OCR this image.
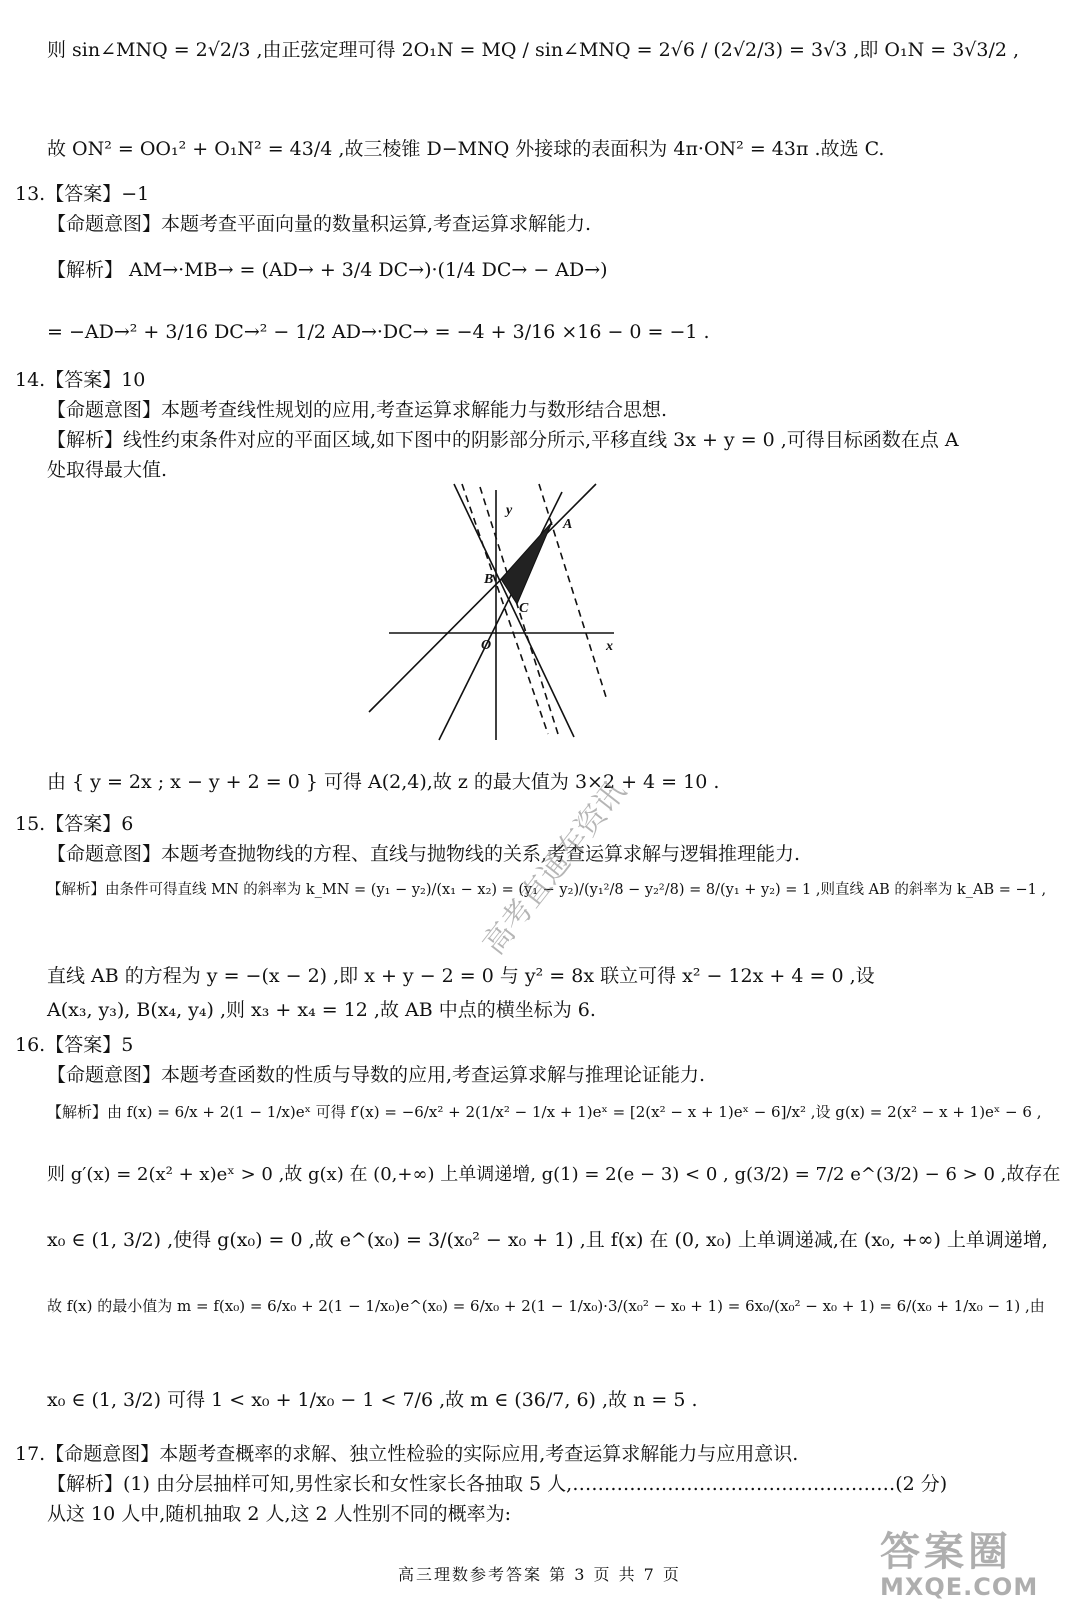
则 sin∠MNQ = 2√2/3 ,由正弦定理可得 2O₁N = MQ / sin∠MNQ = 2√6 / (2√2/3) = 3√3 ,即 O₁N = 3√3/2 ,
故 ON² = OO₁² + O₁N² = 43/4 ,故三棱锥 D−MNQ 外接球的表面积为 4π·ON² = 43π .故选 C.
13.【答案】−1
【命题意图】本题考查平面向量的数量积运算,考查运算求解能力.
【解析】 AM→·MB→ = (AD→ + 3/4 DC→)·(1/4 DC→ − AD→)
= −AD→² + 3/16 DC→² − 1/2 AD→·DC→ = −4 + 3/16 ×16 − 0 = −1 .
14.【答案】10
【命题意图】本题考查线性规划的应用,考查运算求解能力与数形结合思想.
【解析】线性约束条件对应的平面区域,如下图中的阴影部分所示,平移直线 3x + y = 0 ,可得目标函数在点 A
处取得最大值.
由 { y = 2x ; x − y + 2 = 0 } 可得 A(2,4),故 z 的最大值为 3×2 + 4 = 10 .
15.【答案】6
【命题意图】本题考查抛物线的方程、直线与抛物线的关系,考查运算求解与逻辑推理能力.
【解析】由条件可得直线 MN 的斜率为 k_MN = (y₁ − y₂)/(x₁ − x₂) = (y₁ − y₂)/(y₁²/8 − y₂²/8) = 8/(y₁ + y₂) = 1 ,则直线 AB 的斜率为 k_AB = −1 ,
直线 AB 的方程为 y = −(x − 2) ,即 x + y − 2 = 0 与 y² = 8x 联立可得 x² − 12x + 4 = 0 ,设
A(x₃, y₃), B(x₄, y₄) ,则 x₃ + x₄ = 12 ,故 AB 中点的横坐标为 6.
16.【答案】5
【命题意图】本题考查函数的性质与导数的应用,考查运算求解与推理论证能力.
【解析】由 f(x) = 6/x + 2(1 − 1/x)eˣ 可得 f′(x) = −6/x² + 2(1/x² − 1/x + 1)eˣ = [2(x² − x + 1)eˣ − 6]/x² ,设 g(x) = 2(x² − x + 1)eˣ − 6 ,
则 g′(x) = 2(x² + x)eˣ > 0 ,故 g(x) 在 (0,+∞) 上单调递增, g(1) = 2(e − 3) < 0 , g(3/2) = 7/2 e^(3/2) − 6 > 0 ,故存在
x₀ ∈ (1, 3/2) ,使得 g(x₀) = 0 ,故 e^(x₀) = 3/(x₀² − x₀ + 1) ,且 f(x) 在 (0, x₀) 上单调递减,在 (x₀, +∞) 上单调递增,
故 f(x) 的最小值为 m = f(x₀) = 6/x₀ + 2(1 − 1/x₀)e^(x₀) = 6/x₀ + 2(1 − 1/x₀)·3/(x₀² − x₀ + 1) = 6x₀/(x₀² − x₀ + 1) = 6/(x₀ + 1/x₀ − 1) ,由
x₀ ∈ (1, 3/2) 可得 1 < x₀ + 1/x₀ − 1 < 7/6 ,故 m ∈ (36/7, 6) ,故 n = 5 .
17.【命题意图】本题考查概率的求解、独立性检验的实际应用,考查运算求解能力与应用意识.
【解析】(1) 由分层抽样可知,男性家长和女性家长各抽取 5 人,……………………………………………(2 分)
从这 10 人中,随机抽取 2 人,这 2 人性别不同的概率为:
y
x
O
A
B
C
高考直通车资讯
高三理数参考答案 第 3 页 共 7 页	答案圈
MXQE.COM
